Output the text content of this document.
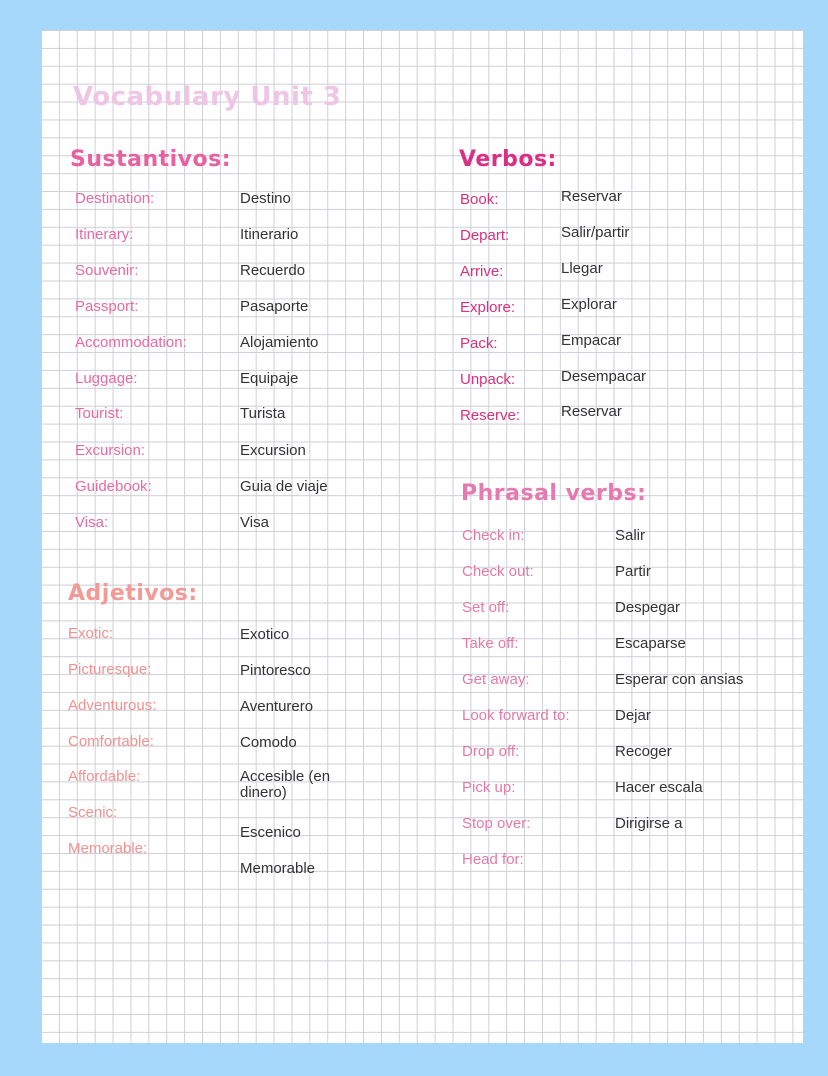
Vocabulary Unit 3
Sustantivos:
Destination:	Destino
Itinerary:	Itinerario
Souvenir:	Recuerdo
Passport:	Pasaporte
Accommodation:	Alojamiento
Luggage:	Equipaje
Tourist:	Turista
Excursion:	Excursion
Guidebook:	Guia de viaje
Visa:	Visa
Adjetivos:
Exotic:	Exotico
Picturesque:	Pintoresco
Adventurous:	Aventurero
Comfortable:	Comodo
Affordable:	Accesible (en dinero)
Scenic:
Escenico
Memorable:
Memorable
Verbos:
Book:	Reservar
Depart:	Salir/partir
Arrive:	Llegar
Explore:	Explorar
Pack:	Empacar
Unpack:	Desempacar
Reserve:	Reservar
Phrasal verbs:
Check in:	Salir
Check out:	Partir
Set off:	Despegar
Take off:	Escaparse
Get away:	Esperar con ansias
Look forward to:	Dejar
Drop off:	Recoger
Pick up:	Hacer escala
Stop over:	Dirigirse a
Head for:
